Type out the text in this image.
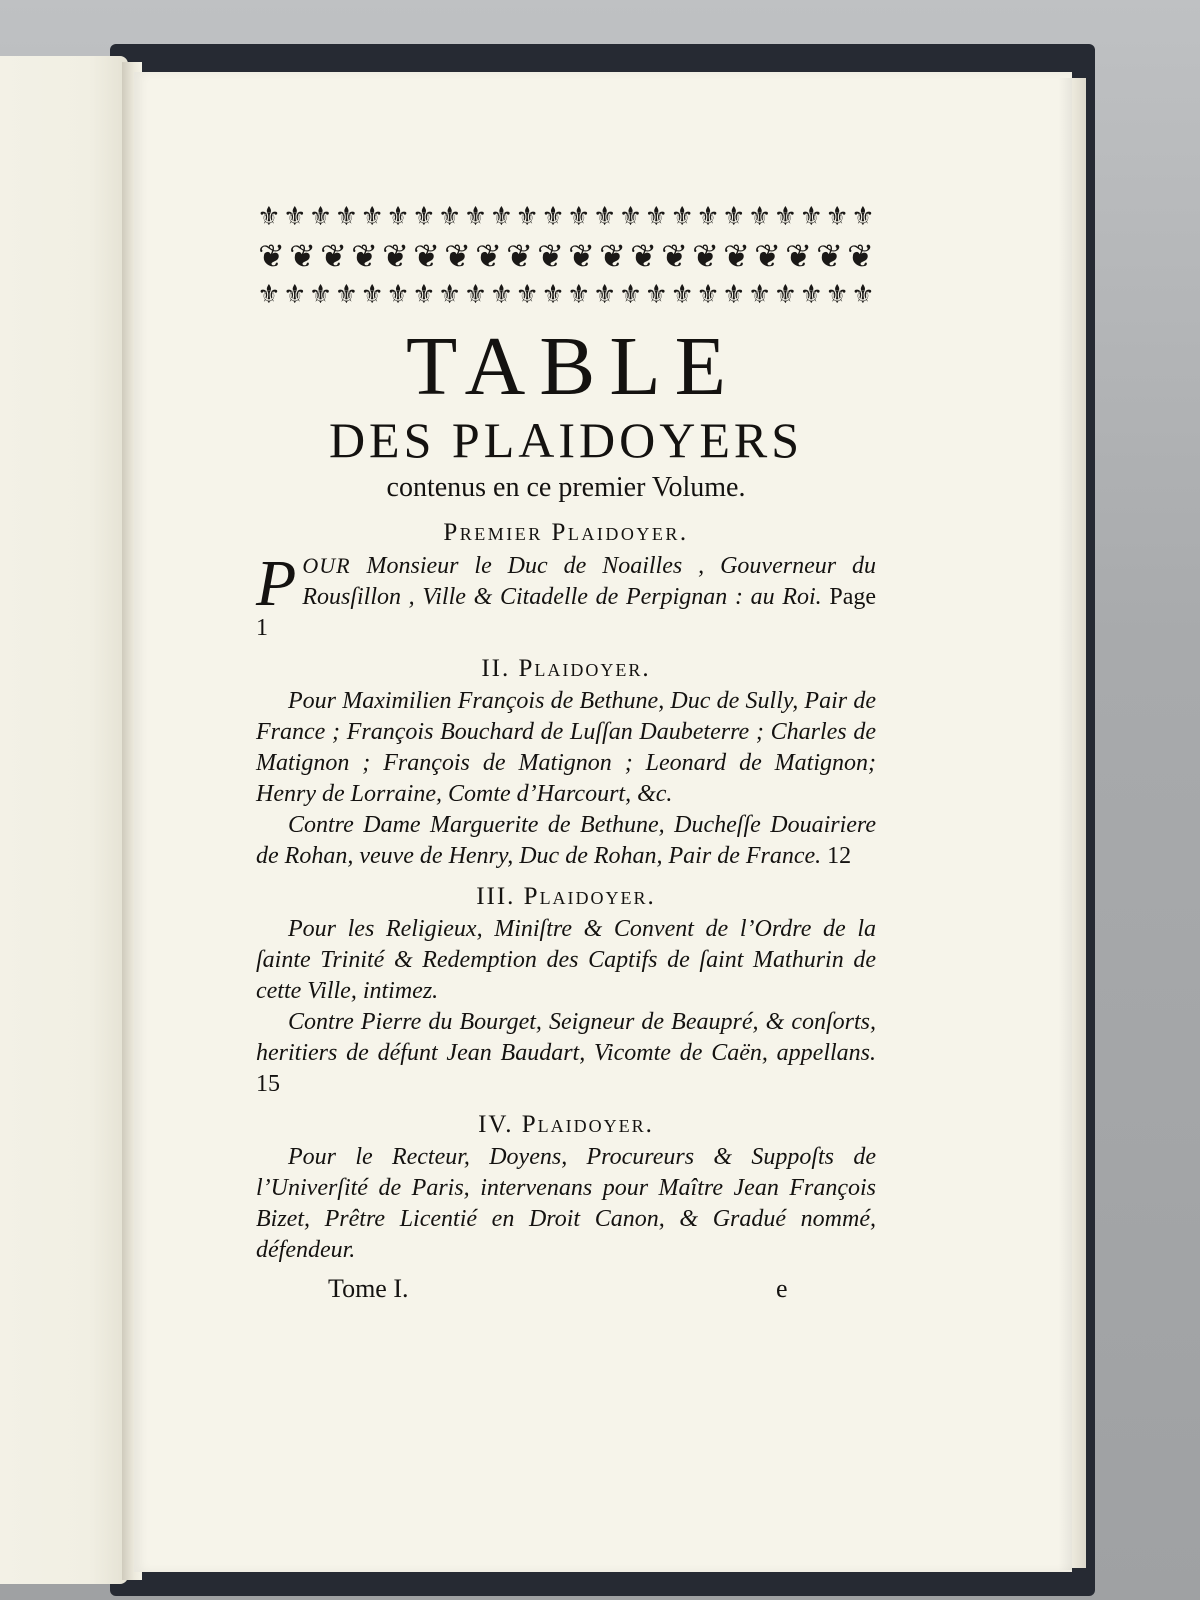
⚜ ⚜ ⚜ ⚜ ⚜ ⚜ ⚜ ⚜ ⚜ ⚜ ⚜ ⚜ ⚜ ⚜ ⚜ ⚜ ⚜ ⚜ ⚜ ⚜ ⚜ ⚜ ⚜ ⚜
❦ ❦ ❦ ❦ ❦ ❦ ❦ ❦ ❦ ❦ ❦ ❦ ❦ ❦ ❦ ❦ ❦ ❦ ❦ ❦
⚜ ⚜ ⚜ ⚜ ⚜ ⚜ ⚜ ⚜ ⚜ ⚜ ⚜ ⚜ ⚜ ⚜ ⚜ ⚜ ⚜ ⚜ ⚜ ⚜ ⚜ ⚜ ⚜ ⚜
TABLE
DES PLAIDOYERS
contenus en ce premier Volume.
Premier Plaidoyer.

POUR Monsieur le Duc de Noailles , Gouverneur du Rousſillon , Ville & Citadelle de Perpignan : au Roi. Page 1

II. Plaidoyer.

Pour Maximilien François de Bethune, Duc de Sully, Pair de France ; François Bouchard de Luſſan Daubeterre ; Charles de Matignon ; François de Matignon ; Leonard de Matignon; Henry de Lorraine, Comte d’Harcourt, &c.

Contre Dame Marguerite de Bethune, Ducheſſe Douairiere de Rohan, veuve de Henry, Duc de Rohan, Pair de France. 12

III. Plaidoyer.

Pour les Religieux, Miniſtre & Convent de l’Ordre de la ſainte Trinité & Redemption des Captifs de ſaint Mathurin de cette Ville, intimez.

Contre Pierre du Bourget, Seigneur de Beaupré, & conſorts, heritiers de défunt Jean Baudart, Vicomte de Caën, appellans. 15

IV. Plaidoyer.

Pour le Recteur, Doyens, Procureurs & Suppoſts de l’Univerſité de Paris, intervenans pour Maître Jean François Bizet, Prêtre Licentié en Droit Canon, & Gradué nommé, défendeur.

Tome I.	e
